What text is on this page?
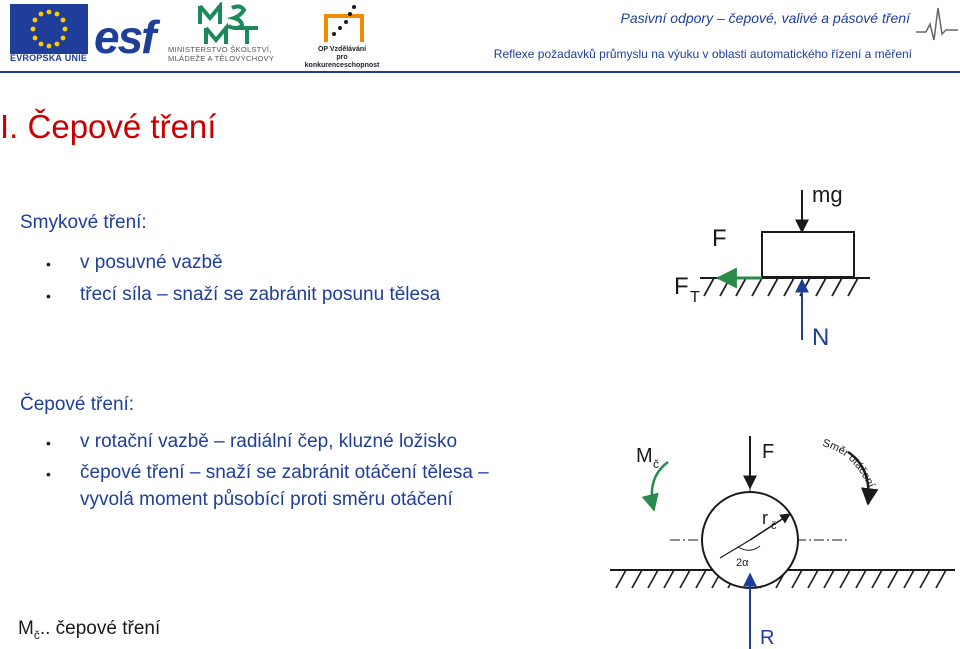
EVROPSKÁ UNIE esf MINISTERSTVO ŠKOLSTVÍ,
MLÁDEŽE A TĚLOVÝCHOVY
OP Vzdělávání
pro konkurenceschopnost
Pasivní odpory – čepové, valivé a pásové tření
Reflexe požadavků průmyslu na výuku v oblasti automatického řízení a měření
I. Čepové tření
Smykové tření:
• v posuvné vazbě
• třecí síla – snaží se zabránit posunu tělesa
Čepové tření:
• v rotační vazbě – radiální čep, kluzné ložisko
• čepové tření – snaží se zabránit otáčení tělesa –
vyvolá moment působící proti směru otáčení
$M_č$.. čepové tření
mg
F
F T
N
M č
F
r č
2α
R
Směr otáčení
